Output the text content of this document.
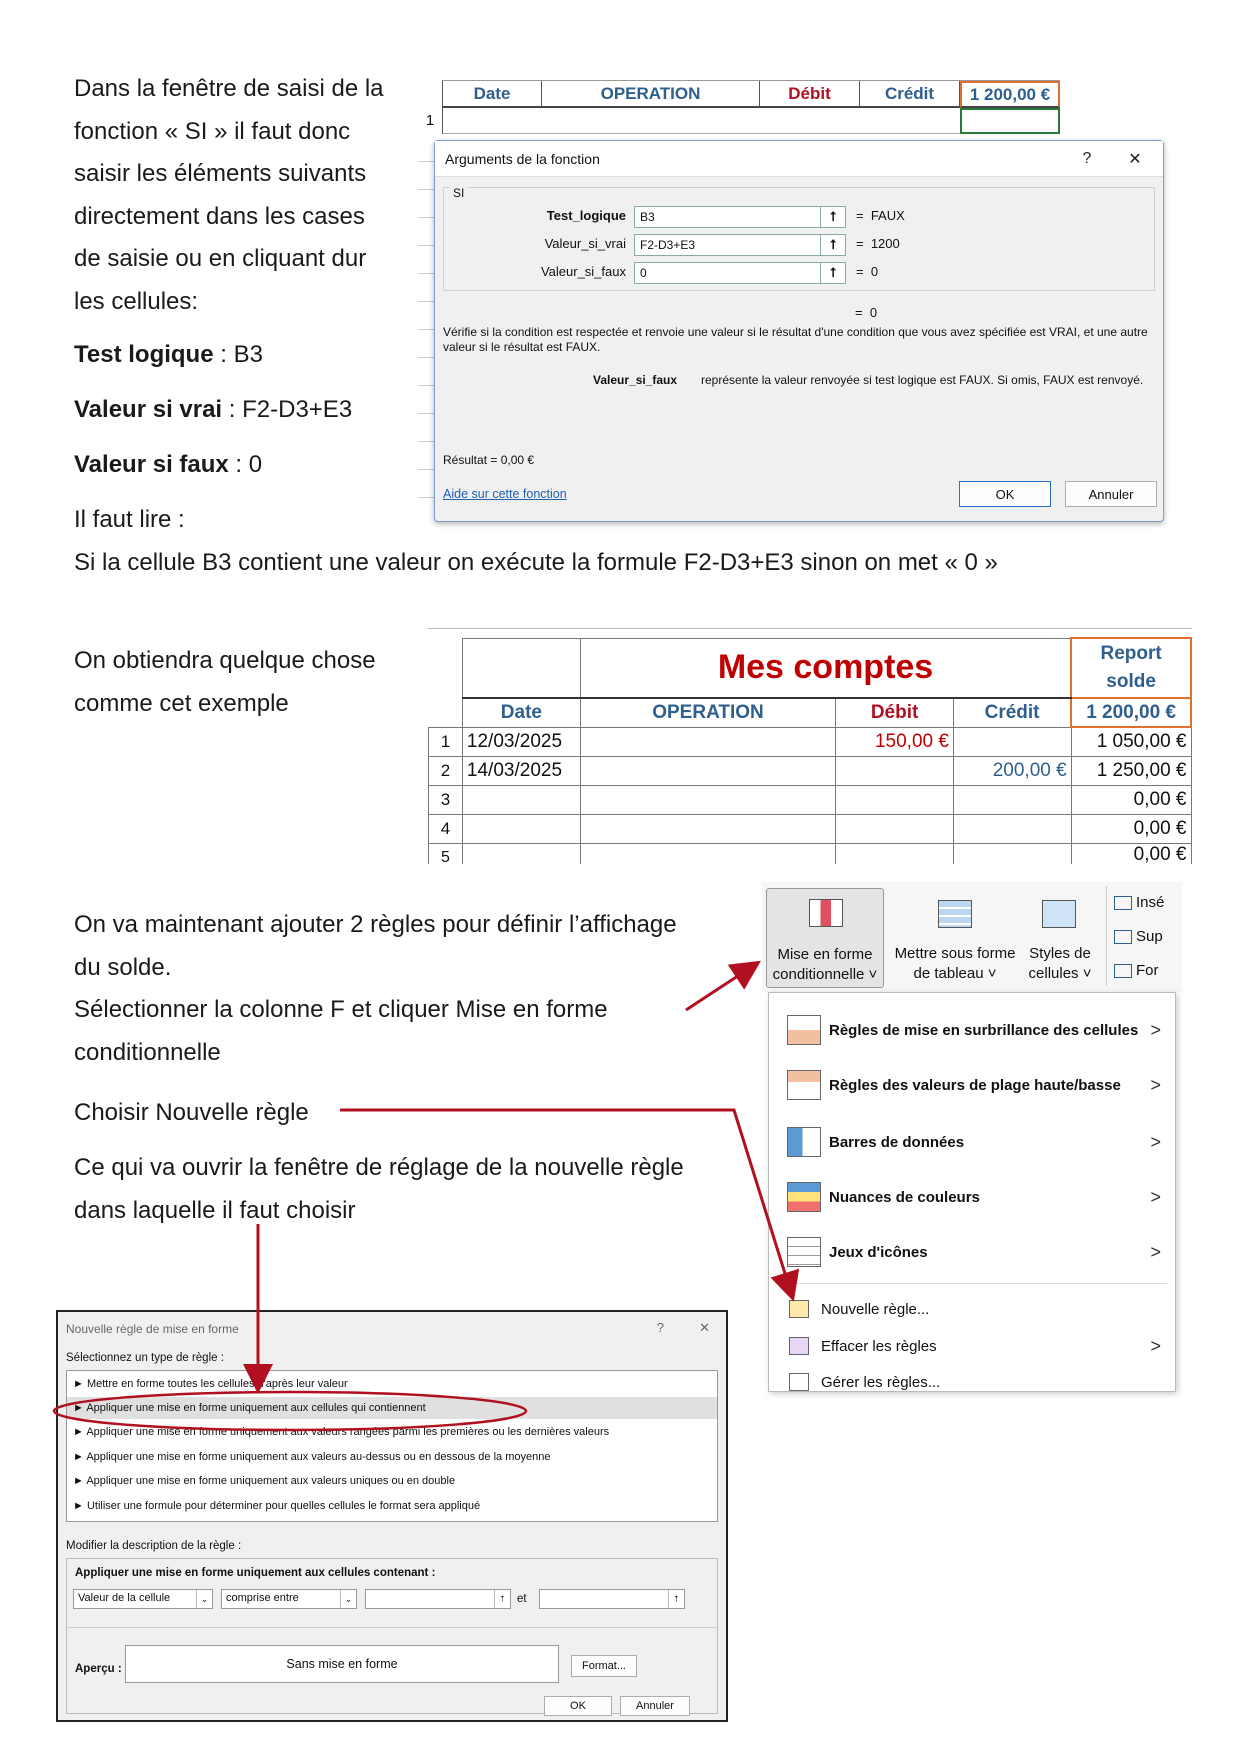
Dans la fenêtre de saisi de la
fonction « SI » il faut donc
saisir les éléments suivants
directement dans les cases
de saisie ou en cliquant dur
les cellules:
Test logique : B3
Valeur si vrai : F2-D3+E3
Valeur si faux : 0
Il faut lire :
Si la cellule B3 contient une valeur on exécute la formule F2-D3+E3 sinon on met « 0 »
Date	OPERATION	Débit	Crédit	1 200,00 €
1
Arguments de la fonction	?	✕
SI
Test_logique	B3	⭡	=  FAUX
Valeur_si_vrai	F2-D3+E3	⭡	=  1200
Valeur_si_faux	0	⭡	=  0
=  0
Vérifie si la condition est respectée et renvoie une valeur si le résultat d'une condition que vous avez spécifiée est VRAI, et une autre valeur si le résultat est FAUX.
Valeur_si_faux représente la valeur renvoyée si test logique est FAUX. Si omis, FAUX est renvoyé.
Résultat = 0,00 €
Aide sur cette fonction	OK	Annuler
On obtiendra quelque chose
comme cet exemple
		Mes comptes			Report
solde

	Date	OPERATION	Débit	Crédit	1 200,00 €
1	12/03/2025		150,00 €		1 050,00 €
2	14/03/2025			200,00 €	1 250,00 €
3					0,00 €
4					0,00 €
5					0,00 €
On va maintenant ajouter 2 règles pour définir l’affichage
du solde.
Sélectionner la colonne F et cliquer Mise en forme
conditionnelle
Choisir Nouvelle règle
Ce qui va ouvrir la fenêtre de réglage de la nouvelle règle
dans laquelle il faut choisir
Mise en forme
conditionnelle ˅
Mettre sous forme
de tableau ˅
Styles de
cellules ˅
Insé
Sup
For
Règles de mise en surbrillance des cellules >
Règles des valeurs de plage haute/basse >
Barres de données	>
Nuances de couleurs	>
Jeux d'icônes	>
Nouvelle règle...
Effacer les règles	>
Gérer les règles...
Nouvelle règle de mise en forme	?	✕
Sélectionnez un type de règle :
► Mettre en forme toutes les cellules d'après leur valeur
► Appliquer une mise en forme uniquement aux cellules qui contiennent
► Appliquer une mise en forme uniquement aux valeurs rangées parmi les premières ou les dernières valeurs
► Appliquer une mise en forme uniquement aux valeurs au-dessus ou en dessous de la moyenne
► Appliquer une mise en forme uniquement aux valeurs uniques ou en double
► Utiliser une formule pour déterminer pour quelles cellules le format sera appliqué
Modifier la description de la règle :
Appliquer une mise en forme uniquement aux cellules contenant :
Valeur de la cellule	⌄	comprise entre	⌄	⭡	et	⭡
Aperçu :	Sans mise en forme	Format...
OK	Annuler
